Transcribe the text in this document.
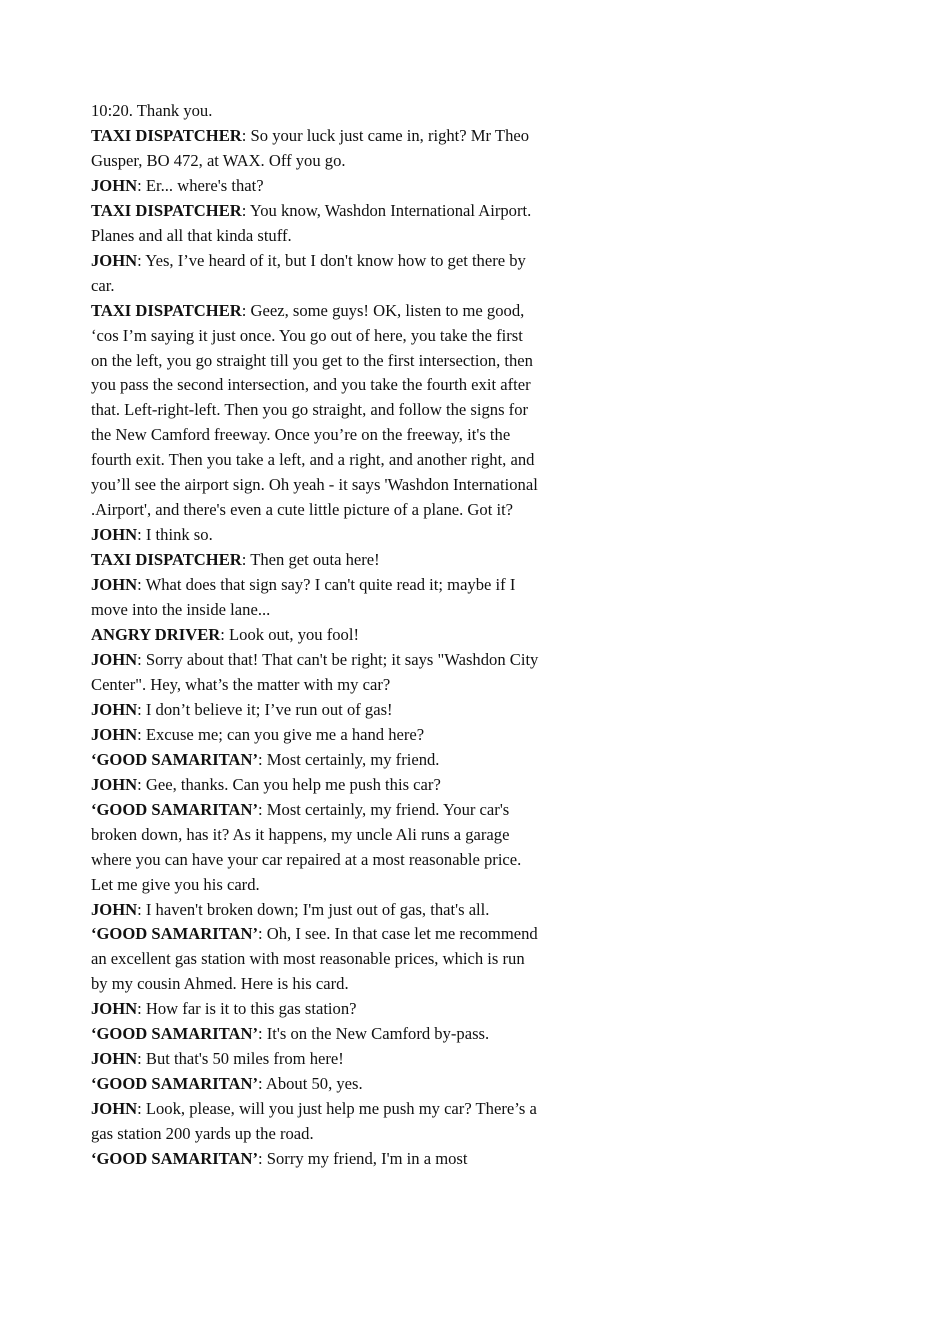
10:20. Thank you.

TAXI DISPATCHER: So your luck just came in, right? Mr Theo Gusper, BO 472, at WAX. Off you go.

JOHN: Er... where's that?

TAXI DISPATCHER: You know, Washdon International Airport. Planes and all that kinda stuff.

JOHN: Yes, I’ve heard of it, but I don't know how to get there by car.

TAXI DISPATCHER: Geez, some guys! OK, listen to me good, ‘cos I’m saying it just once. You go out of here, you take the first on the left, you go straight till you get to the first intersection, then you pass the second intersection, and you take the fourth exit after that. Left-right-left. Then you go straight, and follow the signs for the New Camford freeway. Once you’re on the freeway, it's the fourth exit. Then you take a left, and a right, and another right, and you’ll see the airport sign. Oh yeah - it says 'Washdon International .Airport', and there's even a cute little picture of a plane. Got it?

JOHN: I think so.

TAXI DISPATCHER: Then get outa here!

JOHN: What does that sign say? I can't quite read it; maybe if I move into the inside lane...

ANGRY DRIVER: Look out, you fool!

JOHN: Sorry about that! That can't be right; it says "Washdon City Center". Hey, what’s the matter with my car?

JOHN: I don’t believe it; I’ve run out of gas!

JOHN: Excuse me; can you give me a hand here?

‘GOOD SAMARITAN’: Most certainly, my friend.

JOHN: Gee, thanks. Can you help me push this car?

‘GOOD SAMARITAN’: Most certainly, my friend. Your car's broken down, has it? As it happens, my uncle Ali runs a garage where you can have your car repaired at a most reasonable price. Let me give you his card.

JOHN: I haven't broken down; I'm just out of gas, that's all.

‘GOOD SAMARITAN’: Oh, I see. In that case let me recommend an excellent gas station with most reasonable prices, which is run by my cousin Ahmed. Here is his card.

JOHN: How far is it to this gas station?

‘GOOD SAMARITAN’: It's on the New Camford by-pass.

JOHN: But that's 50 miles from here!

‘GOOD SAMARITAN’: About 50, yes.

JOHN: Look, please, will you just help me push my car? There’s a gas station 200 yards up the road.

‘GOOD SAMARITAN’: Sorry my friend, I'm in a most
